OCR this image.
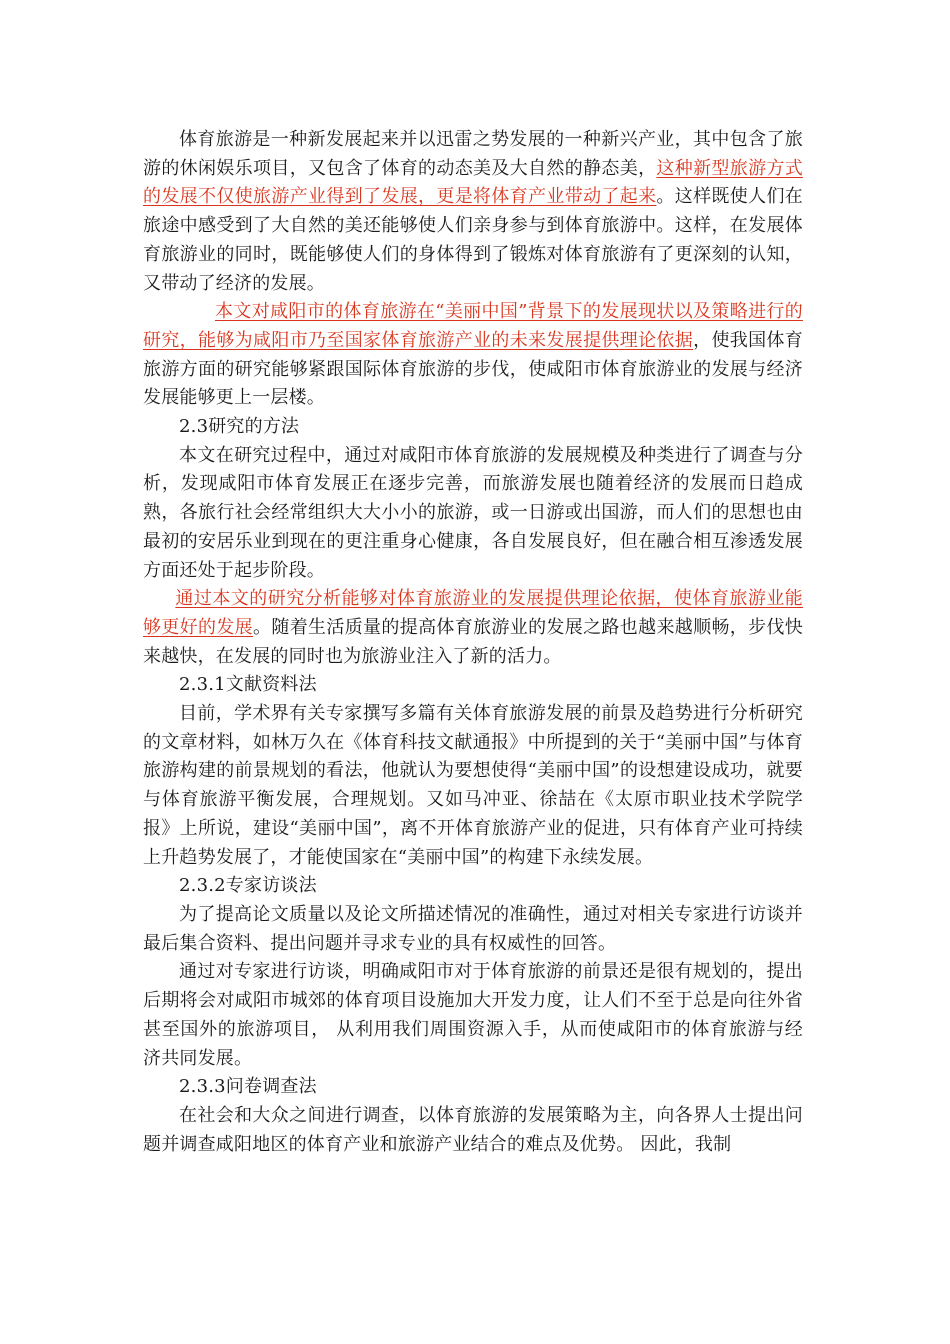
体育旅游是一种新发展起来并以迅雷之势发展的一种新兴产业，其中包含了旅游的休闲娱乐项目，又包含了体育的动态美及大自然的静态美，这种新型旅游方式的发展不仅使旅游产业得到了发展，更是将体育产业带动了起来。这样既使人们在旅途中感受到了大自然的美还能够使人们亲身参与到体育旅游中。这样，在发展体育旅游业的同时，既能够使人们的身体得到了锻炼对体育旅游有了更深刻的认知，又带动了经济的发展。

本文对咸阳市的体育旅游在“美丽中国”背景下的发展现状以及策略进行的研究，能够为咸阳市乃至国家体育旅游产业的未来发展提供理论依据，使我国体育旅游方面的研究能够紧跟国际体育旅游的步伐，使咸阳市体育旅游业的发展与经济发展能够更上一层楼。

2.3研究的方法

本文在研究过程中，通过对咸阳市体育旅游的发展规模及种类进行了调查与分析，发现咸阳市体育发展正在逐步完善，而旅游发展也随着经济的发展而日趋成熟，各旅行社会经常组织大大小小的旅游，或一日游或出国游，而人们的思想也由最初的安居乐业到现在的更注重身心健康，各自发展良好，但在融合相互渗透发展方面还处于起步阶段。

通过本文的研究分析能够对体育旅游业的发展提供理论依据，使体育旅游业能够更好的发展。随着生活质量的提高体育旅游业的发展之路也越来越顺畅，步伐快来越快，在发展的同时也为旅游业注入了新的活力。

2.3.1文献资料法

目前，学术界有关专家撰写多篇有关体育旅游发展的前景及趋势进行分析研究的文章材料，如林万久在《体育科技文献通报》中所提到的关于“美丽中国”与体育旅游构建的前景规划的看法，他就认为要想使得“美丽中国”的设想建设成功，就要与体育旅游平衡发展，合理规划。又如马冲亚、徐喆在《太原市职业技术学院学报》上所说，建设“美丽中国”，离不开体育旅游产业的促进，只有体育产业可持续上升趋势发展了，才能使国家在“美丽中国”的构建下永续发展。

2.3.2专家访谈法

为了提高论文质量以及论文所描述情况的准确性，通过对相关专家进行访谈并最后集合资料、提出问题并寻求专业的具有权威性的回答。

通过对专家进行访谈，明确咸阳市对于体育旅游的前景还是很有规划的，提出后期将会对咸阳市城郊的体育项目设施加大开发力度，让人们不至于总是向往外省甚至国外的旅游项目， 从利用我们周围资源入手，从而使咸阳市的体育旅游与经济共同发展。

2.3.3问卷调查法

在社会和大众之间进行调查，以体育旅游的发展策略为主，向各界人士提出问题并调查咸阳地区的体育产业和旅游产业结合的难点及优势。 因此，我制
